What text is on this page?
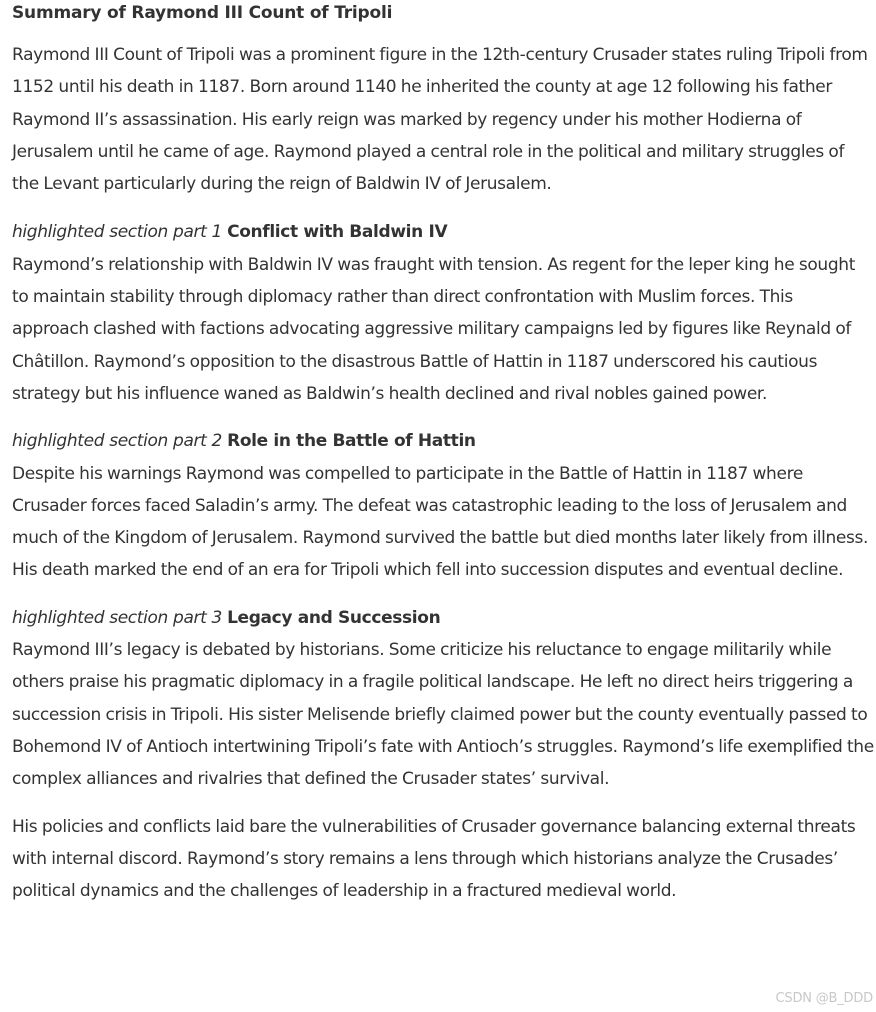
Summary of Raymond III Count of Tripoli

Raymond III Count of Tripoli was a prominent figure in the 12th-century Crusader states ruling Tripoli from 1152 until his death in 1187. Born around 1140 he inherited the county at age 12 following his father Raymond II’s assassination. His early reign was marked by regency under his mother Hodierna of Jerusalem until he came of age. Raymond played a central role in the political and military struggles of the Levant particularly during the reign of Baldwin IV of Jerusalem.

highlighted section part 1 Conflict with Baldwin IV

Raymond’s relationship with Baldwin IV was fraught with tension. As regent for the leper king he sought to maintain stability through diplomacy rather than direct confrontation with Muslim forces. This approach clashed with factions advocating aggressive military campaigns led by figures like Reynald of Châtillon. Raymond’s opposition to the disastrous Battle of Hattin in 1187 underscored his cautious strategy but his influence waned as Baldwin’s health declined and rival nobles gained power.

highlighted section part 2 Role in the Battle of Hattin

Despite his warnings Raymond was compelled to participate in the Battle of Hattin in 1187 where Crusader forces faced Saladin’s army. The defeat was catastrophic leading to the loss of Jerusalem and much of the Kingdom of Jerusalem. Raymond survived the battle but died months later likely from illness. His death marked the end of an era for Tripoli which fell into succession disputes and eventual decline.

highlighted section part 3 Legacy and Succession

Raymond III’s legacy is debated by historians. Some criticize his reluctance to engage militarily while others praise his pragmatic diplomacy in a fragile political landscape. He left no direct heirs triggering a succession crisis in Tripoli. His sister Melisende briefly claimed power but the county eventually passed to Bohemond IV of Antioch intertwining Tripoli’s fate with Antioch’s struggles. Raymond’s life exemplified the complex alliances and rivalries that defined the Crusader states’ survival.

His policies and conflicts laid bare the vulnerabilities of Crusader governance balancing external threats with internal discord. Raymond’s story remains a lens through which historians analyze the Crusades’ political dynamics and the challenges of leadership in a fractured medieval world.

CSDN @B_DDD
